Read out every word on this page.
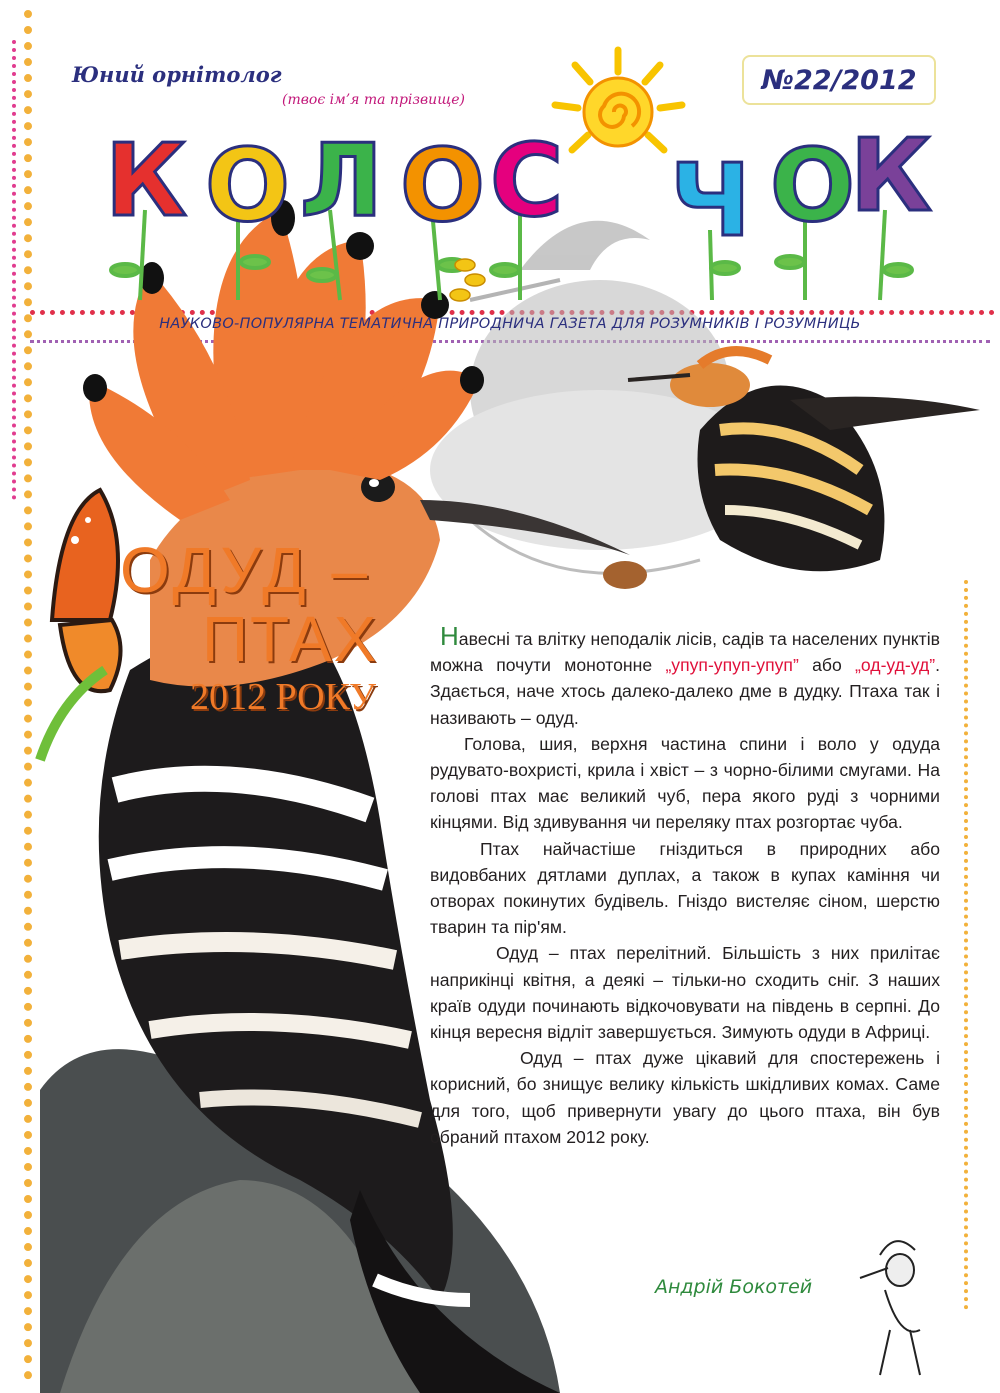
Юний орнітолог
(твоє ім’я та прізвище)
№22/2012
К О Л О С Ч О
К
НАУКОВО-ПОПУЛЯРНА ТЕМАТИЧНА ПРИРОДНИЧА ГАЗЕТА ДЛЯ РОЗУМНИКІВ І РОЗУМНИЦЬ
ОДУД –
ПТАХ
2012 РОКУ

Навесні та влітку неподалік лісів, садів та населених пунктів можна почути монотонне „упуп-упуп-упуп” або „од-уд-уд”. Здається, наче хтось далеко-далеко дме в дудку. Птаха так і називають – одуд.

Голова, шия, верхня частина спини і воло у одуда рудувато-вохристі, крила і хвіст – з чорно-білими смугами. На голові птах має великий чуб, пера якого руді з чорними кінцями. Від здивування чи переляку птах розгортає чуба.

Птах найчастіше гніздиться в природних або видовбаних дятлами дуплах, а також в купах каміння чи отворах покинутих будівель. Гніздо вистеляє сіном, шерстю тварин та пір'ям.

Одуд – птах перелітний. Більшість з них прилітає наприкінці квітня, а деякі – тільки-но сходить сніг. З наших країв одуди починають відкочовувати на південь в серпні. До кінця вересня відліт завершується. Зимують одуди в Африці.

Одуд – птах дуже цікавий для спостережень і корисний, бо знищує велику кількість шкідливих комах. Саме для того, щоб привернути увагу до цього птаха, він був обраний птахом 2012 року.

Андрій Бокотей
